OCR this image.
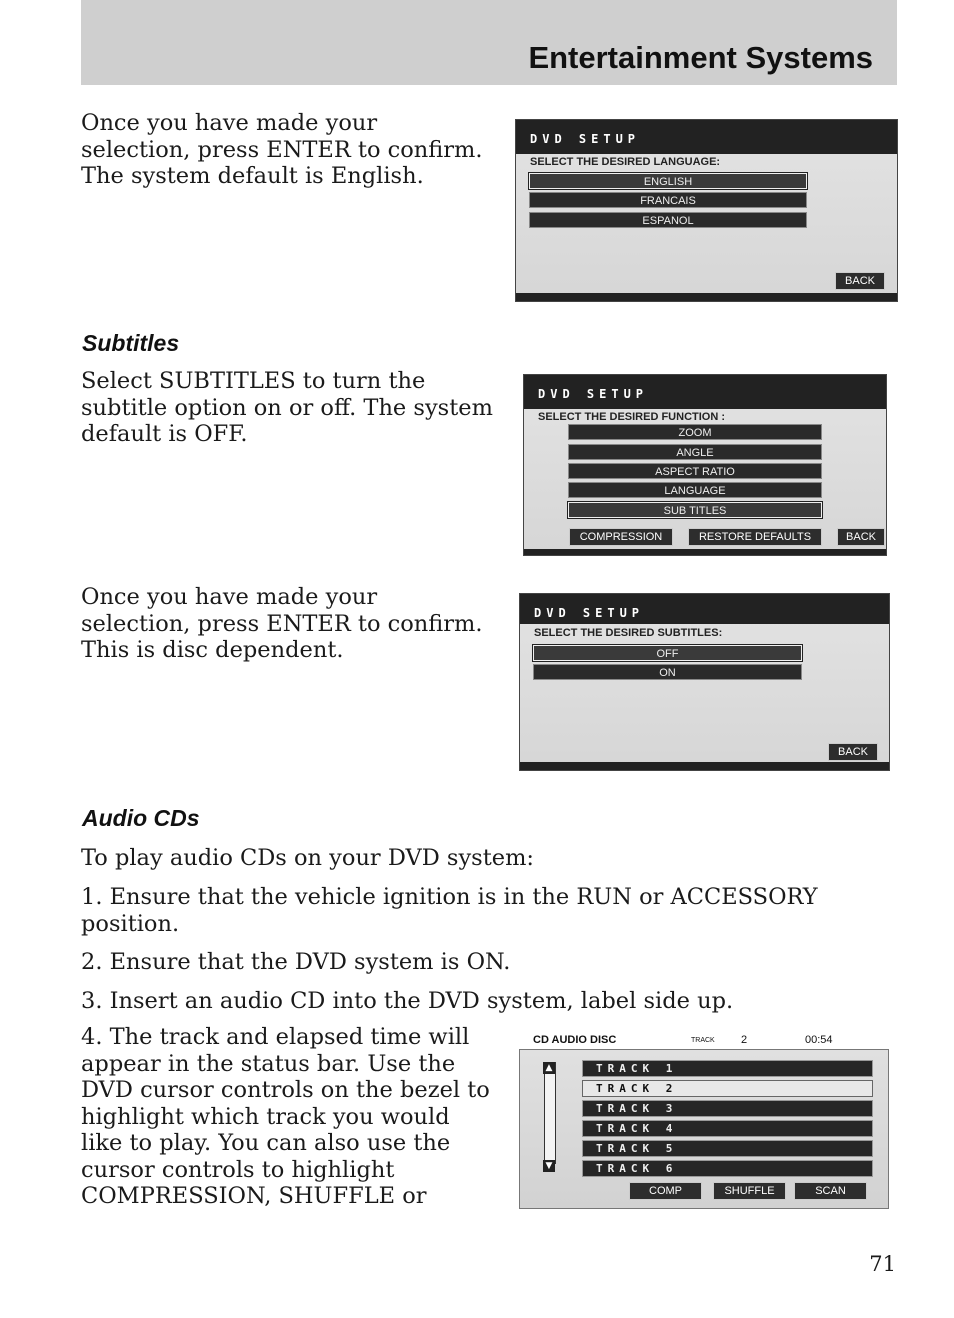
Entertainment Systems

Once you have made your selection, press ENTER to confirm. The system default is English.

DVD SETUP
SELECT THE DESIRED LANGUAGE:
ENGLISH
FRANCAIS
ESPANOL
BACK
Subtitles

Select SUBTITLES to turn the subtitle option on or off. The system default is OFF.

DVD SETUP
SELECT THE DESIRED FUNCTION :
ZOOM
ANGLE
ASPECT RATIO
LANGUAGE
SUB TITLES
COMPRESSION	RESTORE DEFAULTS	BACK

Once you have made your selection, press ENTER to confirm. This is disc dependent.

DVD SETUP
SELECT THE DESIRED SUBTITLES:
OFF
ON
BACK
Audio CDs

To play audio CDs on your DVD system:

1. Ensure that the vehicle ignition is in the RUN or ACCESSORY position.

2. Ensure that the DVD system is ON.

3. Insert an audio CD into the DVD system, label side up.

4. The track and elapsed time will appear in the status bar. Use the DVD cursor controls on the bezel to highlight which track you would like to play. You can also use the cursor controls to highlight COMPRESSION, SHUFFLE or

CD AUDIO DISC	TRACK 2	00:54
▲
▼
TRACK 1
TRACK 2
TRACK 3
TRACK 4
TRACK 5
TRACK 6
COMP	SHUFFLE	SCAN
71
